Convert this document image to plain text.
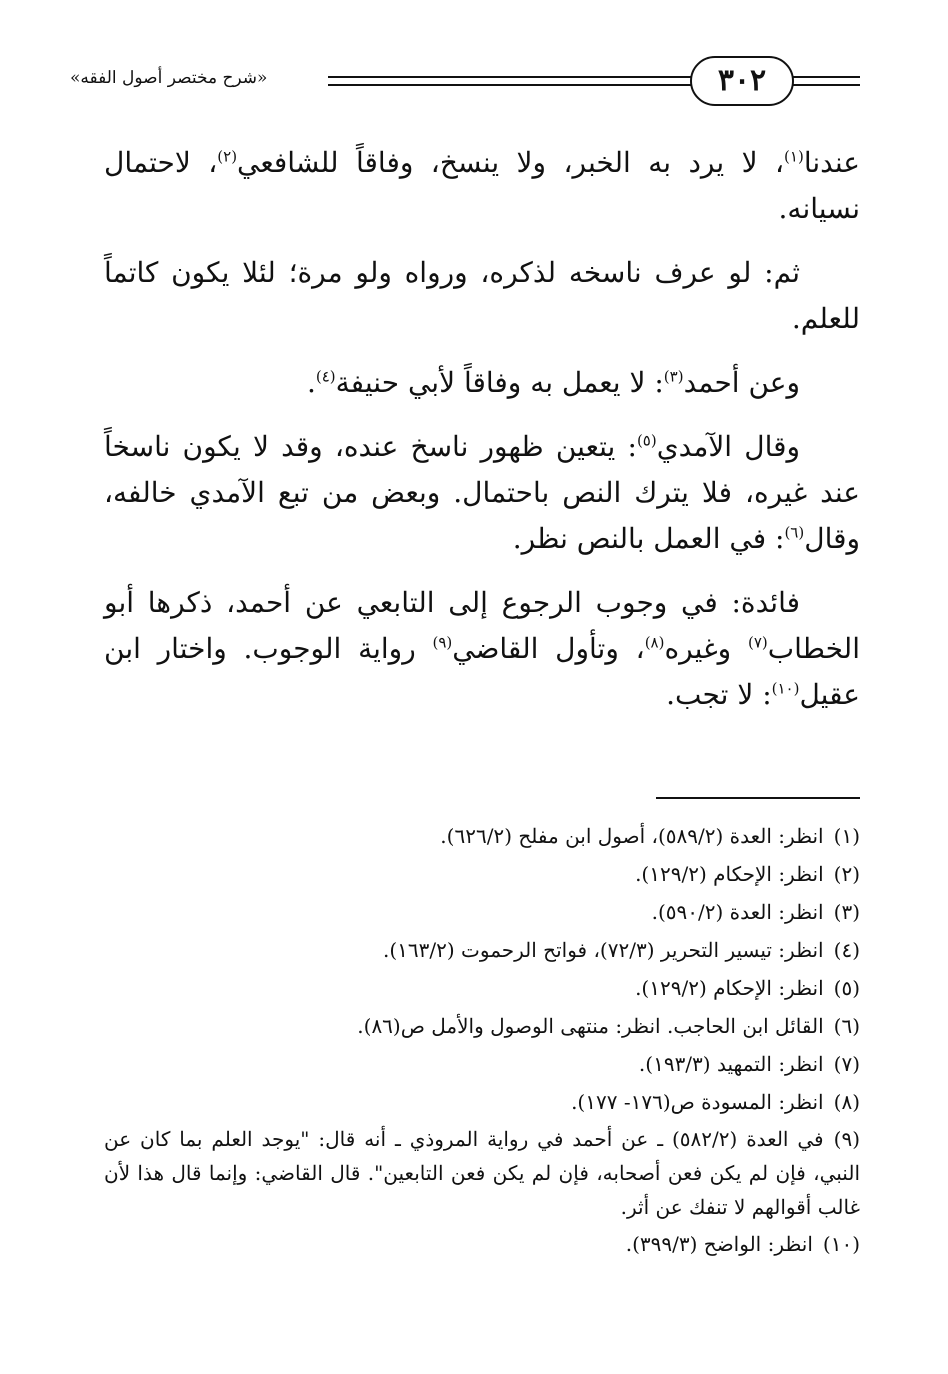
٣٠٢
«شرح مختصر أصول الفقه»

عندنا$^{(١)}$، لا يرد به الخبر، ولا ينسخ، وفاقاً للشافعي$^{(٢)}$، لاحتمال نسيانه.

ثم: لو عرف ناسخه لذكره، ورواه ولو مرة؛ لئلا يكون كاتماً للعلم.

وعن أحمد$^{(٣)}$: لا يعمل به وفاقاً لأبي حنيفة$^{(٤)}$.

وقال الآمدي$^{(٥)}$: يتعين ظهور ناسخ عنده، وقد لا يكون ناسخاً عند غيره، فلا يترك النص باحتمال. وبعض من تبع الآمدي خالفه، وقال$^{(٦)}$: في العمل بالنص نظر.

فائدة: في وجوب الرجوع إلى التابعي عن أحمد، ذكرها أبو الخطاب$^{(٧)}$ وغيره$^{(٨)}$، وتأول القاضي$^{(٩)}$ رواية الوجوب. واختار ابن عقيل$^{(١٠)}$: لا تجب.

(١)انظر: العدة (٥٨٩/٢)، أصول ابن مفلح (٦٢٦/٢).

(٢)انظر: الإحكام (١٢٩/٢).

(٣)انظر: العدة (٥٩٠/٢).

(٤)انظر: تيسير التحرير (٧٢/٣)، فواتح الرحموت (١٦٣/٢).

(٥)انظر: الإحكام (١٢٩/٢).

(٦)القائل ابن الحاجب. انظر: منتهى الوصول والأمل ص(٨٦).

(٧)انظر: التمهيد (١٩٣/٣).

(٨)انظر: المسودة ص(١٧٦- ١٧٧).

(٩)في العدة (٥٨٢/٢) ـ عن أحمد في رواية المروذي ـ أنه قال: "يوجد العلم بما كان عن النبي، فإن لم يكن فعن أصحابه، فإن لم يكن فعن التابعين". قال القاضي: وإنما قال هذا لأن غالب أقوالهم لا تنفك عن أثر.

(١٠)انظر: الواضح (٣٩٩/٣).
